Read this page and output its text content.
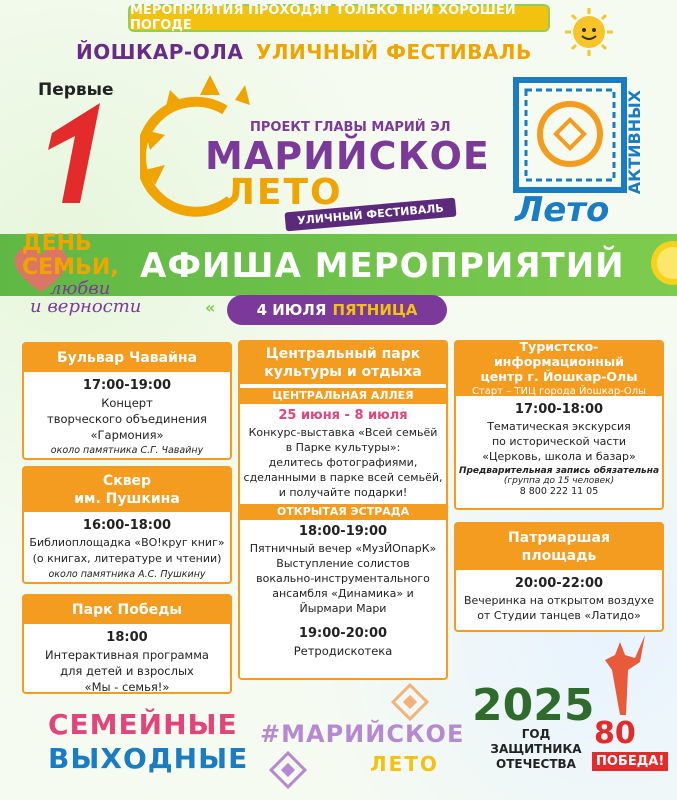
МЕРОПРИЯТИЯ ПРОХОДЯТ ТОЛЬКО ПРИ ХОРОШЕЙ ПОГОДЕ
ЙОШКАР-ОЛА УЛИЧНЫЙ ФЕСТИВАЛЬ
Первые
ПРОЕКТ ГЛАВЫ МАРИЙ ЭЛ
МАРИЙСКОЕ
ЛЕТО
УЛИЧНЫЙ ФЕСТИВАЛЬ	Лето
АКТИВНЫХ
АФИША МЕРОПРИЯТИЙ
ДЕНЬ
СЕМЬИ,
любви
и верности	«	4 ИЮЛЯ ПЯТНИЦА
Бульвар Чавайна
17:00-19:00
Концерт
творческого объединения
«Гармония»
около памятника С.Г. Чавайну
Сквер
им. Пушкина
16:00-18:00
Библиоплощадка «ВО!круг книг»
(о книгах, литературе и чтении)
около памятника А.С. Пушкину
Парк Победы
18:00
Интерактивная программа
для детей и взрослых
«Мы - семья!»
Центральный парк
культуры и отдыха
ЦЕНТРАЛЬНАЯ АЛЛЕЯ
25 июня - 8 июля
Конкурс-выставка «Всей семьёй
в Парке культуры»:
делитесь фотографиями,
сделанными в парке всей семьёй,
и получайте подарки!
ОТКРЫТАЯ ЭСТРАДА
18:00-19:00
Пятничный вечер «МузЙОпарК»
Выступление солистов
вокально-инструментального
ансамбля «Динамика» и
Йырмари Мари
19:00-20:00
Ретродискотека
Туристско-информационный
центр г. Йошкар-Олы
Старт – ТИЦ города Йошкар-Олы
17:00-18:00
Тематическая экскурсия
по исторической части
«Церковь, школа и базар»
Предварительная запись обязательна
(группа до 15 человек)
8 800 222 11 05
Патриаршая
площадь
20:00-22:00
Вечеринка на открытом воздухе
от Студии танцев «Латидо»
СЕМЕЙНЫЕ
ВЫХОДНЫЕ
#МАРИЙСКОЕ
ЛЕТО
2025
ГОД ЗАЩИТНИКА ОТЕЧЕСТВА
80
ПОБЕДА!
